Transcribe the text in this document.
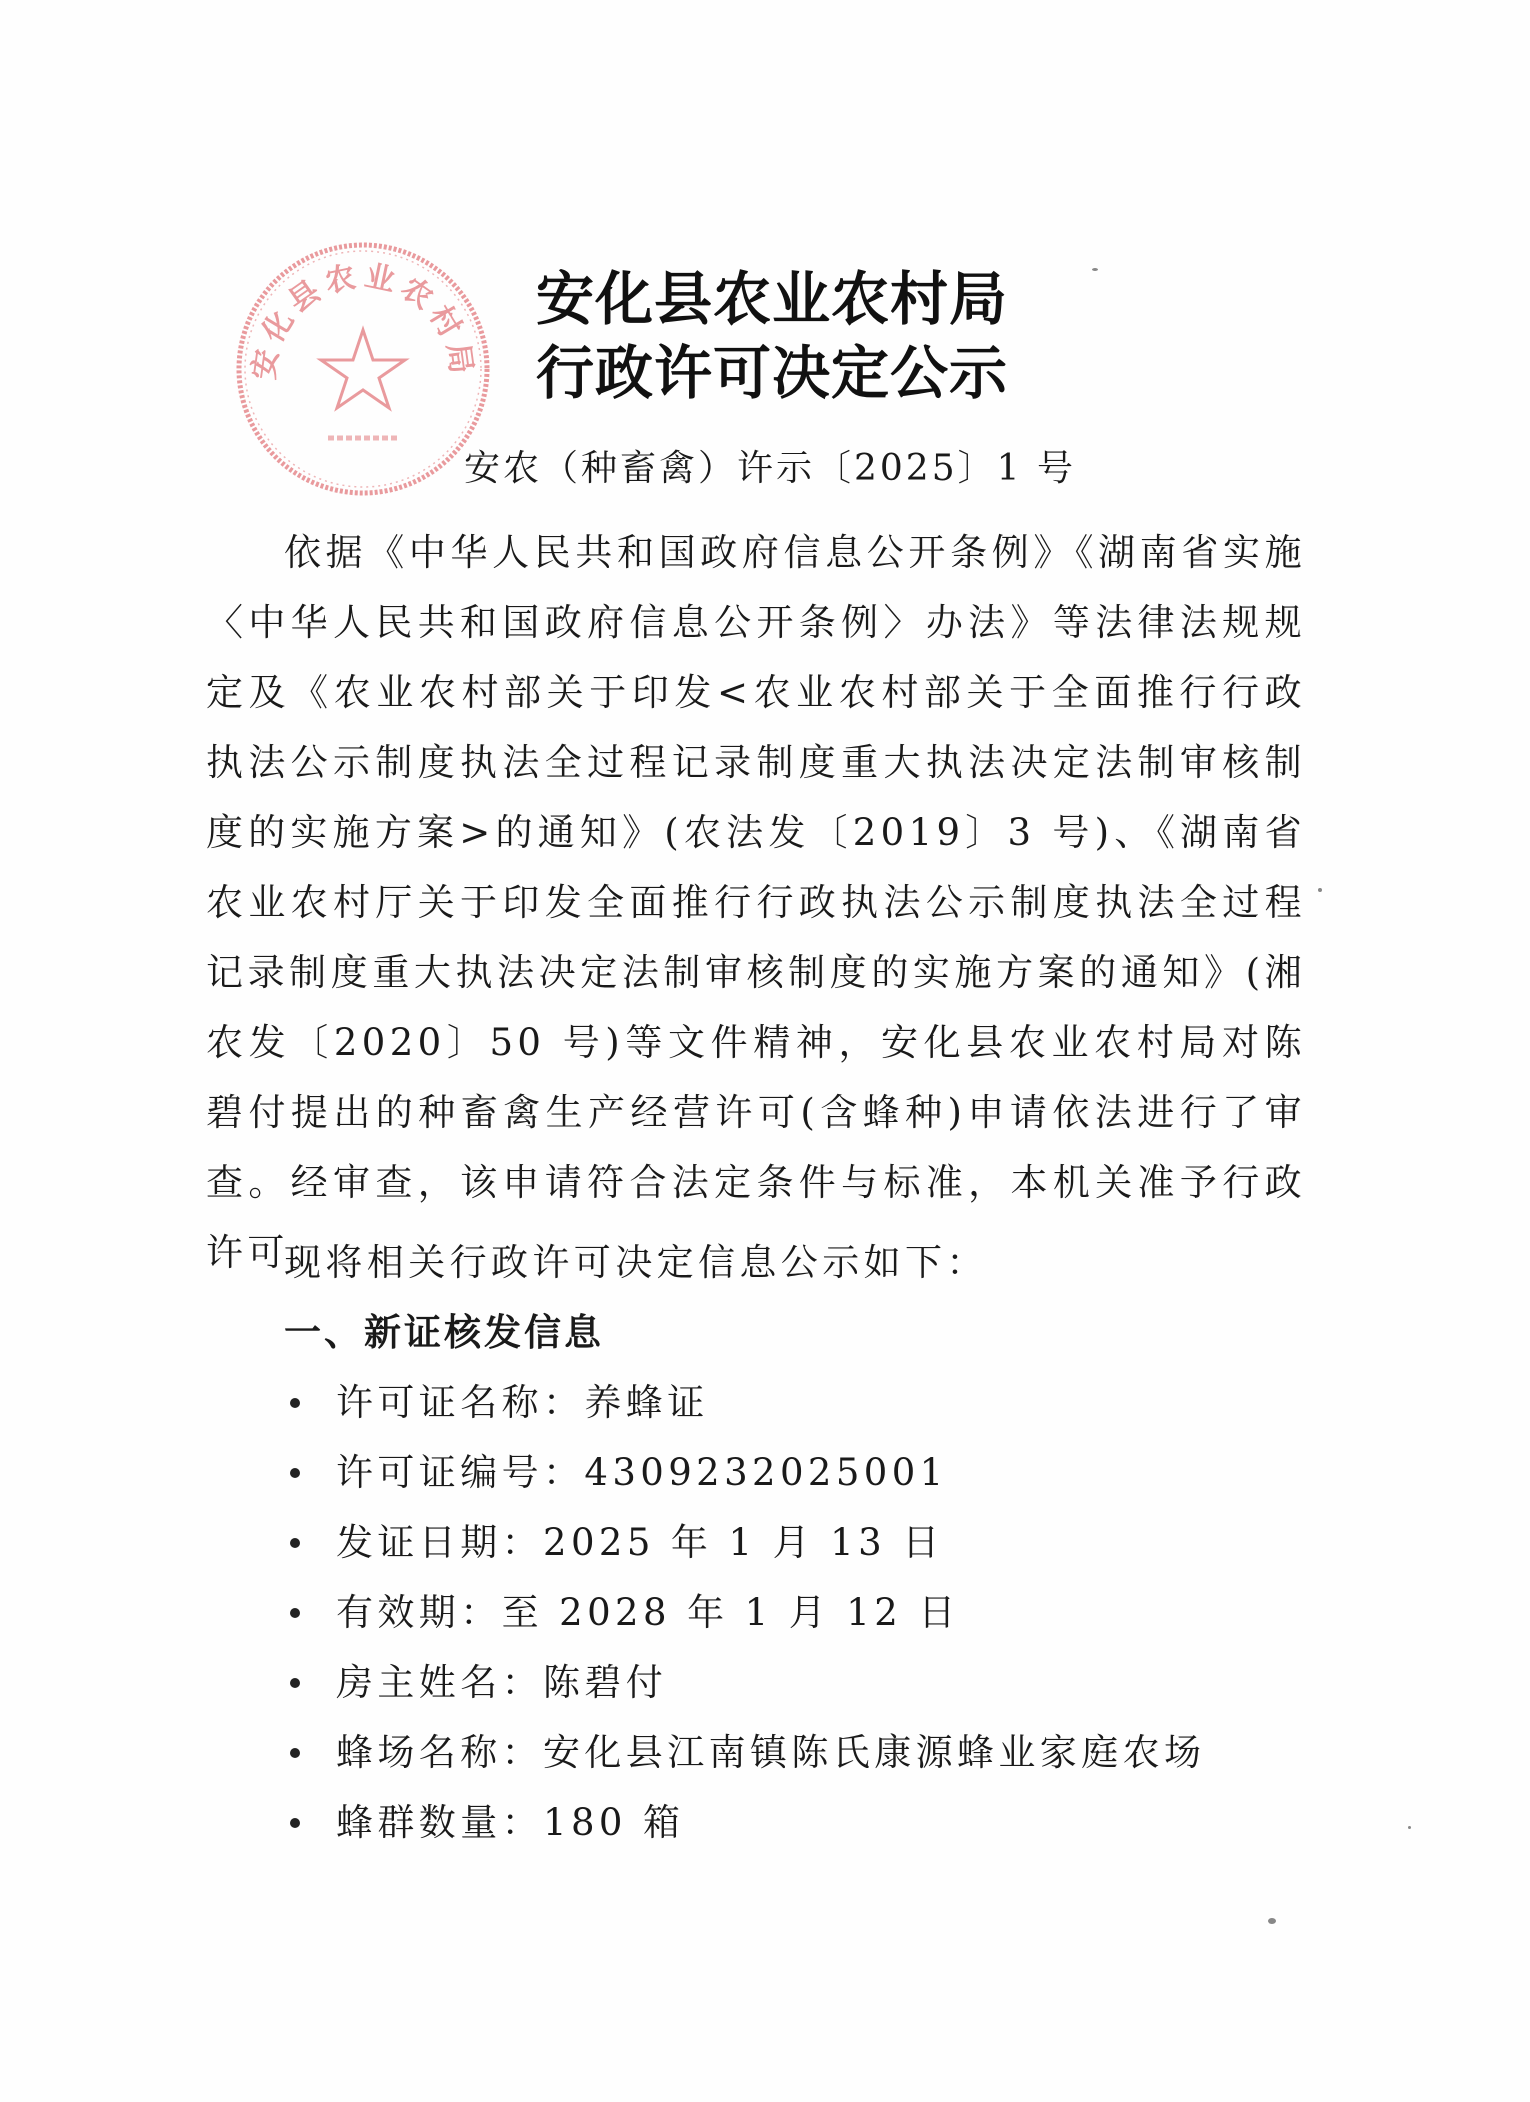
安化县农业农村局
安化县农业农村局
行政许可决定公示
安农（种畜禽）许示〔2025〕1 号
依据《中华人民共和国政府信息公开条例》《湖南省实施〈中华人民共和国政府信息公开条例〉办法》等法律法规规定及《农业农村部关于印发<农业农村部关于全面推行行政执法公示制度执法全过程记录制度重大执法决定法制审核制度的实施方案>的通知》(农法发〔2019〕3 号)、《湖南省农业农村厅关于印发全面推行行政执法公示制度执法全过程记录制度重大执法决定法制审核制度的实施方案的通知》(湘农发〔2020〕50 号)等文件精神，安化县农业农村局对陈碧付提出的种畜禽生产经营许可(含蜂种)申请依法进行了审查。经审查，该申请符合法定条件与标准，本机关准予行政许可。
现将相关行政许可决定信息公示如下：
一、新证核发信息
许可证名称：养蜂证
许可证编号：4309232025001
发证日期：2025 年 1 月 13 日
有效期：至 2028 年 1 月 12 日
房主姓名：陈碧付
蜂场名称：安化县江南镇陈氏康源蜂业家庭农场
蜂群数量：180 箱
